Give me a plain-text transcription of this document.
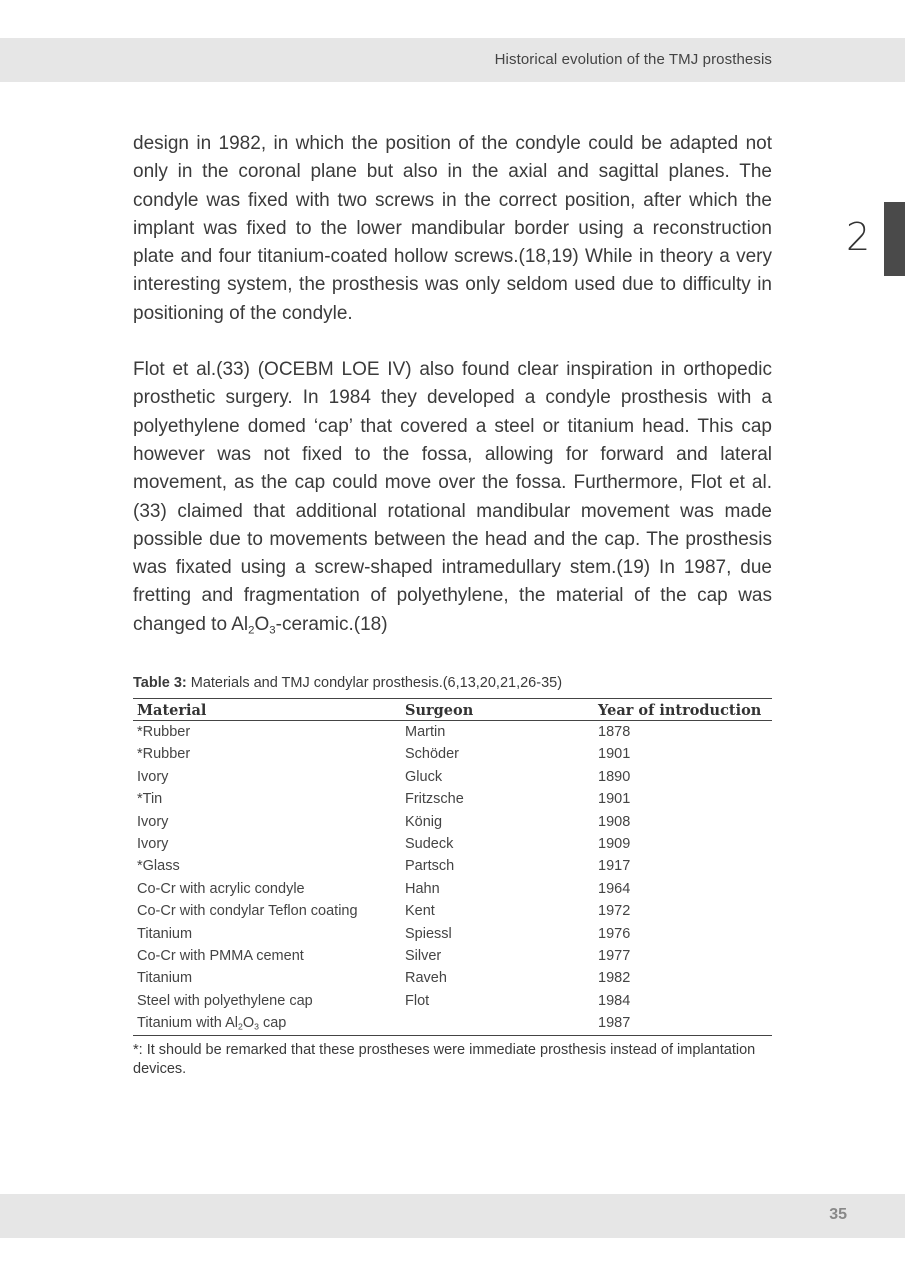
Historical evolution of the TMJ prosthesis
2

design in 1982, in which the position of the condyle could be adapted not only in the coronal plane but also in the axial and sagittal planes. The condyle was fixed with two screws in the correct position, after which the implant was fixed to the lower mandibular border using a reconstruction plate and four titanium-coated hollow screws.(18,19) While in theory a very interesting system, the prosthesis was only seldom used due to difficulty in positioning of the condyle.

Flot et al.(33) (OCEBM LOE IV) also found clear inspiration in orthopedic prosthetic surgery. In 1984 they developed a condyle prosthesis with a polyethylene domed ‘cap’ that covered a steel or titanium head. This cap however was not fixed to the fossa, allowing for forward and lateral movement, as the cap could move over the fossa. Furthermore, Flot et al.(33) claimed that additional rotational mandibular movement was made possible due to movements between the head and the cap. The prosthesis was fixated using a screw-shaped intramedullary stem.(19) In 1987, due fretting and fragmentation of polyethylene, the material of the cap was changed to $Al_2O_3-ceramic.(18)$

Table 3: Materials and TMJ condylar prosthesis.(6,13,20,21,26-35)
Material	Surgeon	Year of introduction
*Rubber	Martin	1878
*Rubber	Schöder	1901
Ivory	Gluck	1890
*Tin	Fritzsche	1901
Ivory	König	1908
Ivory	Sudeck	1909
*Glass	Partsch	1917
Co-Cr with acrylic condyle	Hahn	1964
Co-Cr with condylar Teflon coating	Kent	1972
Titanium	Spiessl	1976
Co-Cr with PMMA cement	Silver	1977
Titanium	Raveh	1982
Steel with polyethylene cap	Flot	1984
Titanium with $Al_2O_3$ cap		1987
*: It should be remarked that these prostheses were immediate prosthesis instead of implantation devices.
35
